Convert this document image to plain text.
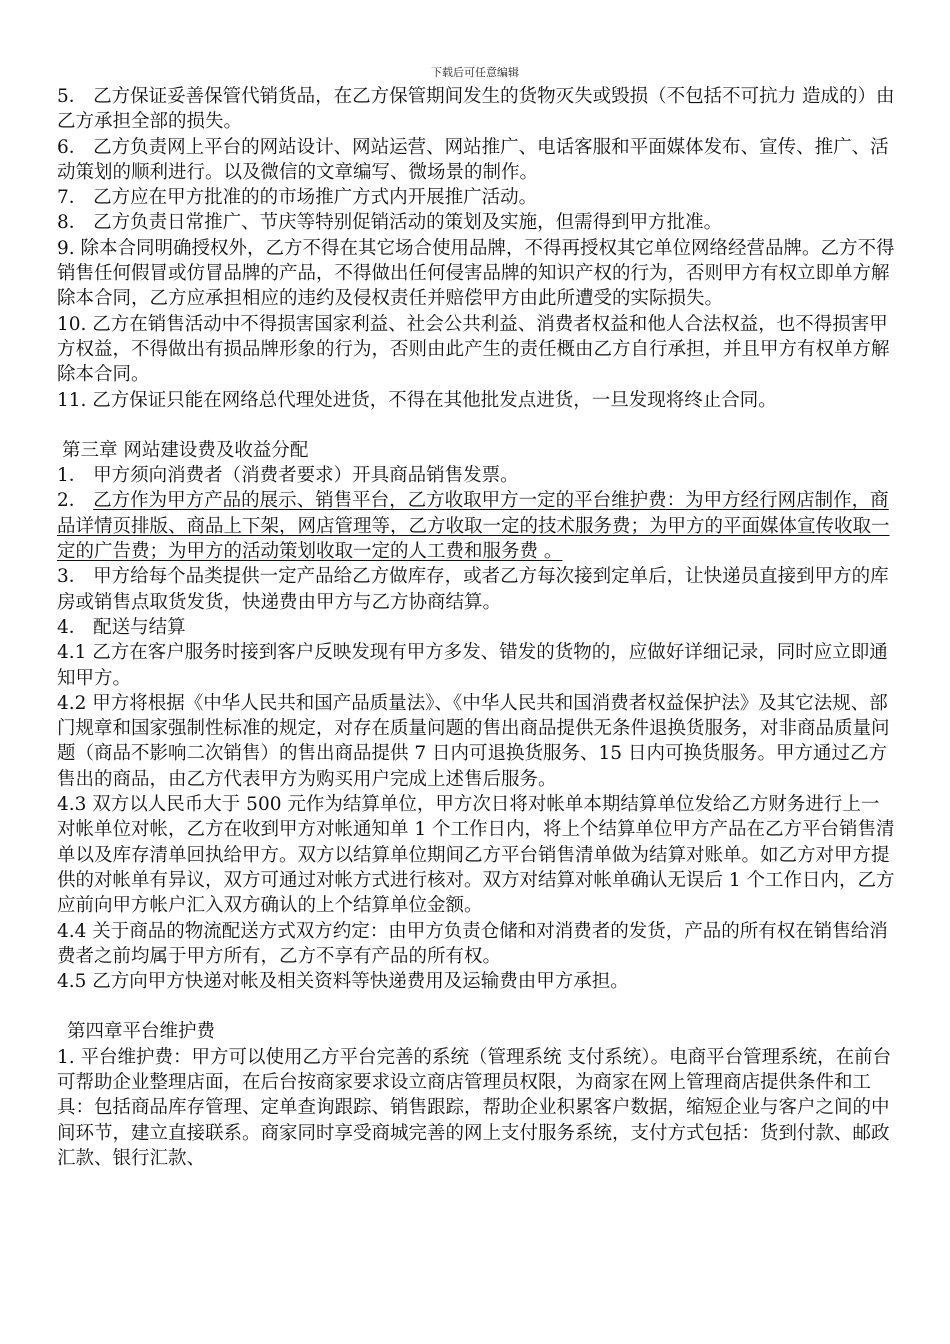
下载后可任意编辑

5． 乙方保证妥善保管代销货品，在乙方保管期间发生的货物灭失或毁损（不包括不可抗力 造成的）由乙方承担全部的损失。

6． 乙方负责网上平台的网站设计、网站运营、网站推广、电话客服和平面媒体发布、宣传、推广、活动策划的顺利进行。以及微信的文章编写、微场景的制作。

7． 乙方应在甲方批准的的市场推广方式内开展推广活动。

8． 乙方负责日常推广、节庆等特别促销活动的策划及实施，但需得到甲方批准。

9. 除本合同明确授权外，乙方不得在其它场合使用品牌，不得再授权其它单位网络经营品牌。乙方不得销售任何假冒或仿冒品牌的产品，不得做出任何侵害品牌的知识产权的行为，否则甲方有权立即单方解除本合同，乙方应承担相应的违约及侵权责任并赔偿甲方由此所遭受的实际损失。

10. 乙方在销售活动中不得损害国家利益、社会公共利益、消费者权益和他人合法权益，也不得损害甲方权益，不得做出有损品牌形象的行为，否则由此产生的责任概由乙方自行承担，并且甲方有权单方解除本合同。

11. 乙方保证只能在网络总代理处进货，不得在其他批发点进货，一旦发现将终止合同。

第三章 网站建设费及收益分配

1． 甲方须向消费者（消费者要求）开具商品销售发票。

2． 乙方作为甲方产品的展示、销售平台，乙方收取甲方一定的平台维护费：为甲方经行网店制作，商品详情页排版、商品上下架，网店管理等，乙方收取一定的技术服务费；为甲方的平面媒体宣传收取一定的广告费；为甲方的活动策划收取一定的人工费和服务费 。

3． 甲方给每个品类提供一定产品给乙方做库存，或者乙方每次接到定单后，让快递员直接到甲方的库房或销售点取货发货，快递费由甲方与乙方协商结算。

4． 配送与结算

4.1 乙方在客户服务时接到客户反映发现有甲方多发、错发的货物的，应做好详细记录，同时应立即通知甲方。

4.2 甲方将根据《中华人民共和国产品质量法》、《中华人民共和国消费者权益保护法》及其它法规、部门规章和国家强制性标准的规定，对存在质量问题的售出商品提供无条件退换货服务，对非商品质量问题（商品不影响二次销售）的售出商品提供 7 日内可退换货服务、15 日内可换货服务。甲方通过乙方售出的商品，由乙方代表甲方为购买用户完成上述售后服务。

4.3 双方以人民币大于 500 元作为结算单位，甲方次日将对帐单本期结算单位发给乙方财务进行上一对帐单位对帐，乙方在收到甲方对帐通知单 1 个工作日内，将上个结算单位甲方产品在乙方平台销售清单以及库存清单回执给甲方。双方以结算单位期间乙方平台销售清单做为结算对账单。如乙方对甲方提供的对帐单有异议，双方可通过对帐方式进行核对。双方对结算对帐单确认无误后 1 个工作日内，乙方应前向甲方帐户汇入双方确认的上个结算单位金额。

4.4 关于商品的物流配送方式双方约定：由甲方负责仓储和对消费者的发货，产品的所有权在销售给消费者之前均属于甲方所有，乙方不享有产品的所有权。

4.5 乙方向甲方快递对帐及相关资料等快递费用及运输费由甲方承担。

第四章平台维护费

1. 平台维护费：甲方可以使用乙方平台完善的系统（管理系统 支付系统）。电商平台管理系统，在前台可帮助企业整理店面，在后台按商家要求设立商店管理员权限，为商家在网上管理商店提供条件和工具：包括商品库存管理、定单查询跟踪、销售跟踪，帮助企业积累客户数据，缩短企业与客户之间的中间环节，建立直接联系。商家同时享受商城完善的网上支付服务系统，支付方式包括：货到付款、邮政汇款、银行汇款、
